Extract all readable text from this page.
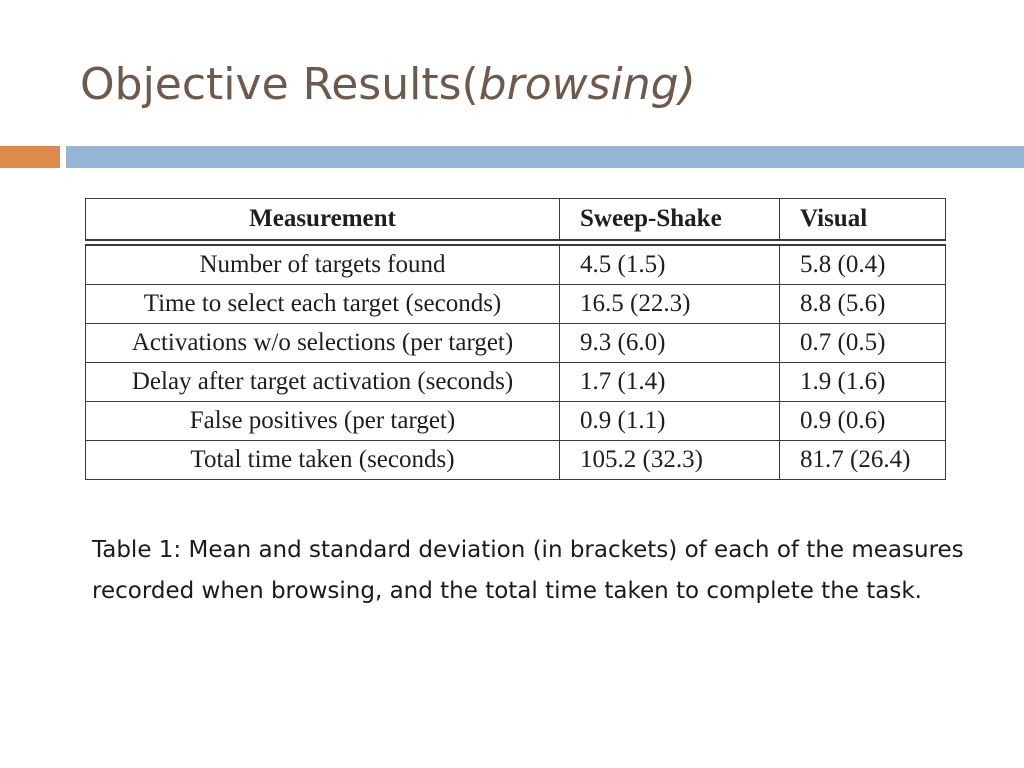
Objective Results(browsing)
Measurement	Sweep-Shake	Visual
Number of targets found	4.5 (1.5)	5.8 (0.4)
Time to select each target (seconds)	16.5 (22.3)	8.8 (5.6)
Activations w/o selections (per target)	9.3 (6.0)	0.7 (0.5)
Delay after target activation (seconds)	1.7 (1.4)	1.9 (1.6)
False positives (per target)	0.9 (1.1)	0.9 (0.6)
Total time taken (seconds)	105.2 (32.3)	81.7 (26.4)

Table 1: Mean and standard deviation (in brackets) of each of the measures recorded when browsing, and the total time taken to complete the task.
